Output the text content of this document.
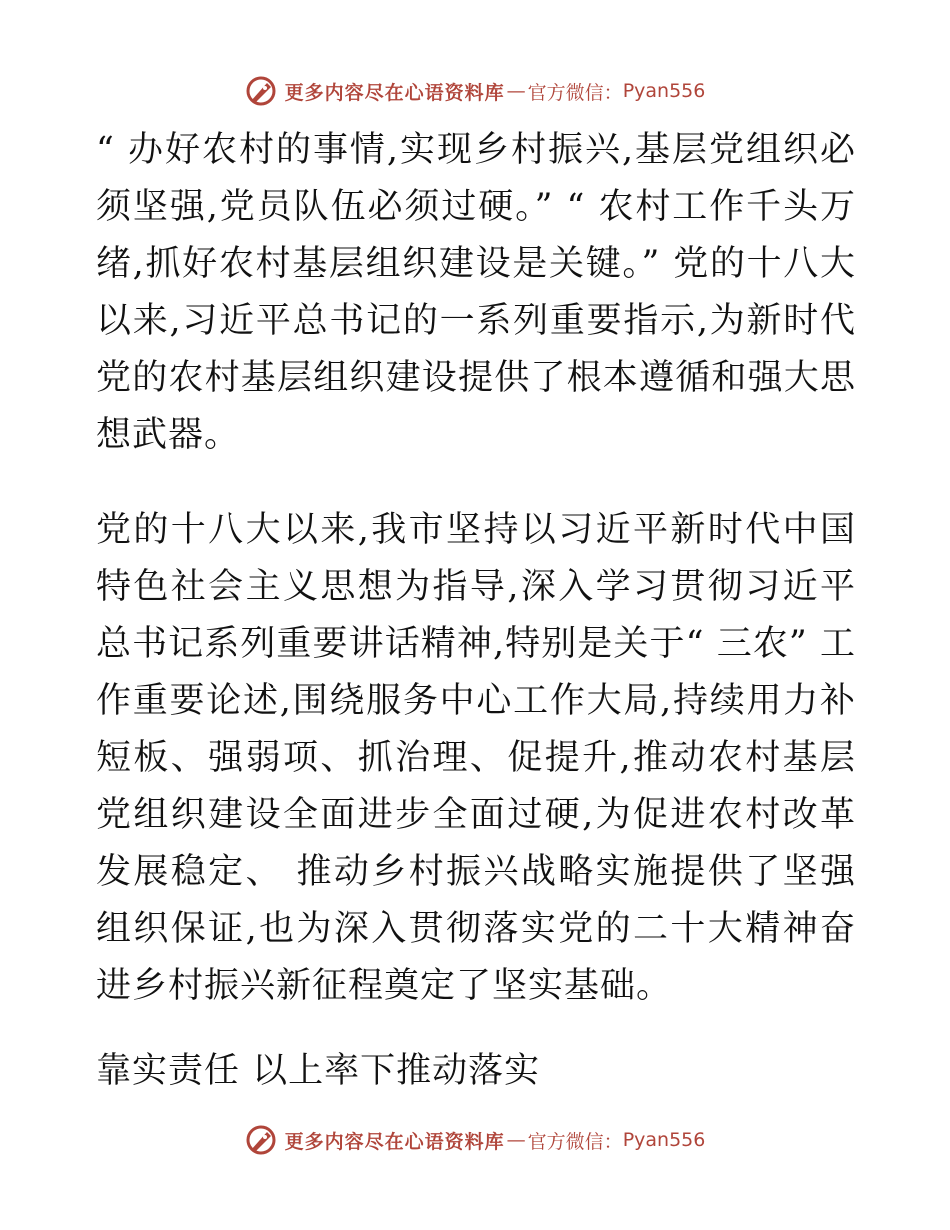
更多内容尽在心语资料库 — 官方微信： Pyan556

“ 办好农村的事情,实现乡村振兴,基层党组织必须坚强,党员队伍必须过硬。” “ 农村工作千头万绪,抓好农村基层组织建设是关键。” 党的十八大以来,习近平总书记的一系列重要指示,为新时代党的农村基层组织建设提供了根本遵循和强大思想武器。

党的十八大以来,我市坚持以习近平新时代中国特色社会主义思想为指导,深入学习贯彻习近平总书记系列重要讲话精神,特别是关于“ 三农” 工作重要论述,围绕服务中心工作大局,持续用力补短板、强弱项、抓治理、促提升,推动农村基层党组织建设全面进步全面过硬,为促进农村改革发展稳定、 推动乡村振兴战略实施提供了坚强组织保证,也为深入贯彻落实党的二十大精神奋进乡村振兴新征程奠定了坚实基础。

靠实责任 以上率下推动落实

更多内容尽在心语资料库 — 官方微信： Pyan556
